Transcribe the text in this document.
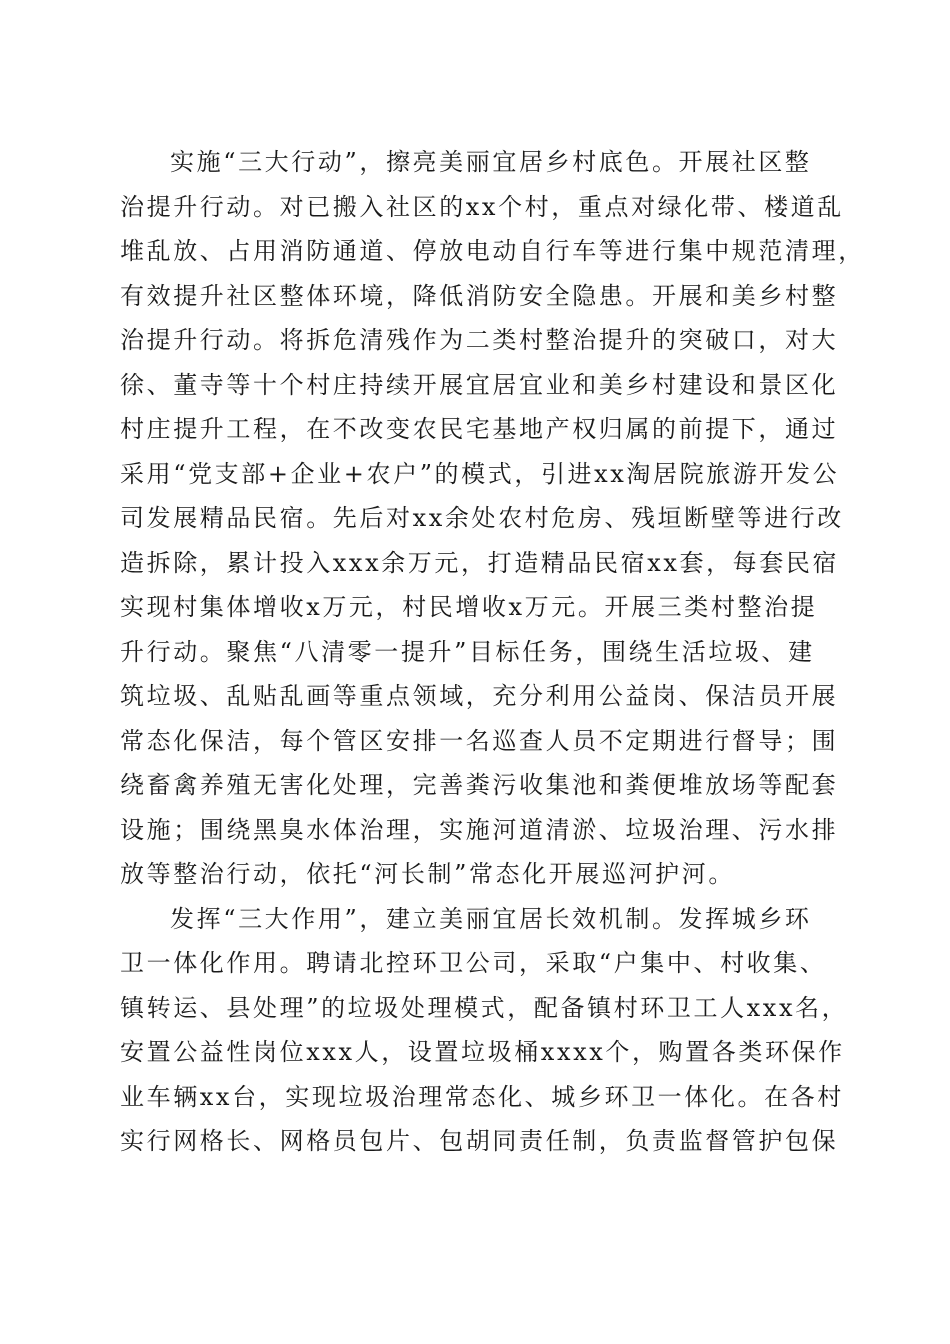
实施“三大行动”，擦亮美丽宜居乡村底色。开展社区整
治提升行动。对已搬入社区的xx个村，重点对绿化带、楼道乱
堆乱放、占用消防通道、停放电动自行车等进行集中规范清理，
有效提升社区整体环境，降低消防安全隐患。开展和美乡村整
治提升行动。将拆危清残作为二类村整治提升的突破口，对大
徐、董寺等十个村庄持续开展宜居宜业和美乡村建设和景区化
村庄提升工程，在不改变农民宅基地产权归属的前提下，通过
采用“党支部+企业+农户”的模式，引进xx淘居院旅游开发公
司发展精品民宿。先后对xx余处农村危房、残垣断壁等进行改
造拆除，累计投入xxx余万元，打造精品民宿xx套，每套民宿
实现村集体增收x万元，村民增收x万元。开展三类村整治提
升行动。聚焦“八清零一提升”目标任务，围绕生活垃圾、建
筑垃圾、乱贴乱画等重点领域，充分利用公益岗、保洁员开展
常态化保洁，每个管区安排一名巡查人员不定期进行督导；围
绕畜禽养殖无害化处理，完善粪污收集池和粪便堆放场等配套
设施；围绕黑臭水体治理，实施河道清淤、垃圾治理、污水排
放等整治行动，依托“河长制”常态化开展巡河护河。

发挥“三大作用”，建立美丽宜居长效机制。发挥城乡环
卫一体化作用。聘请北控环卫公司，采取“户集中、村收集、
镇转运、县处理”的垃圾处理模式，配备镇村环卫工人xxx名，
安置公益性岗位xxx人，设置垃圾桶xxxx个，购置各类环保作
业车辆xx台，实现垃圾治理常态化、城乡环卫一体化。在各村
实行网格长、网格员包片、包胡同责任制，负责监督管护包保
